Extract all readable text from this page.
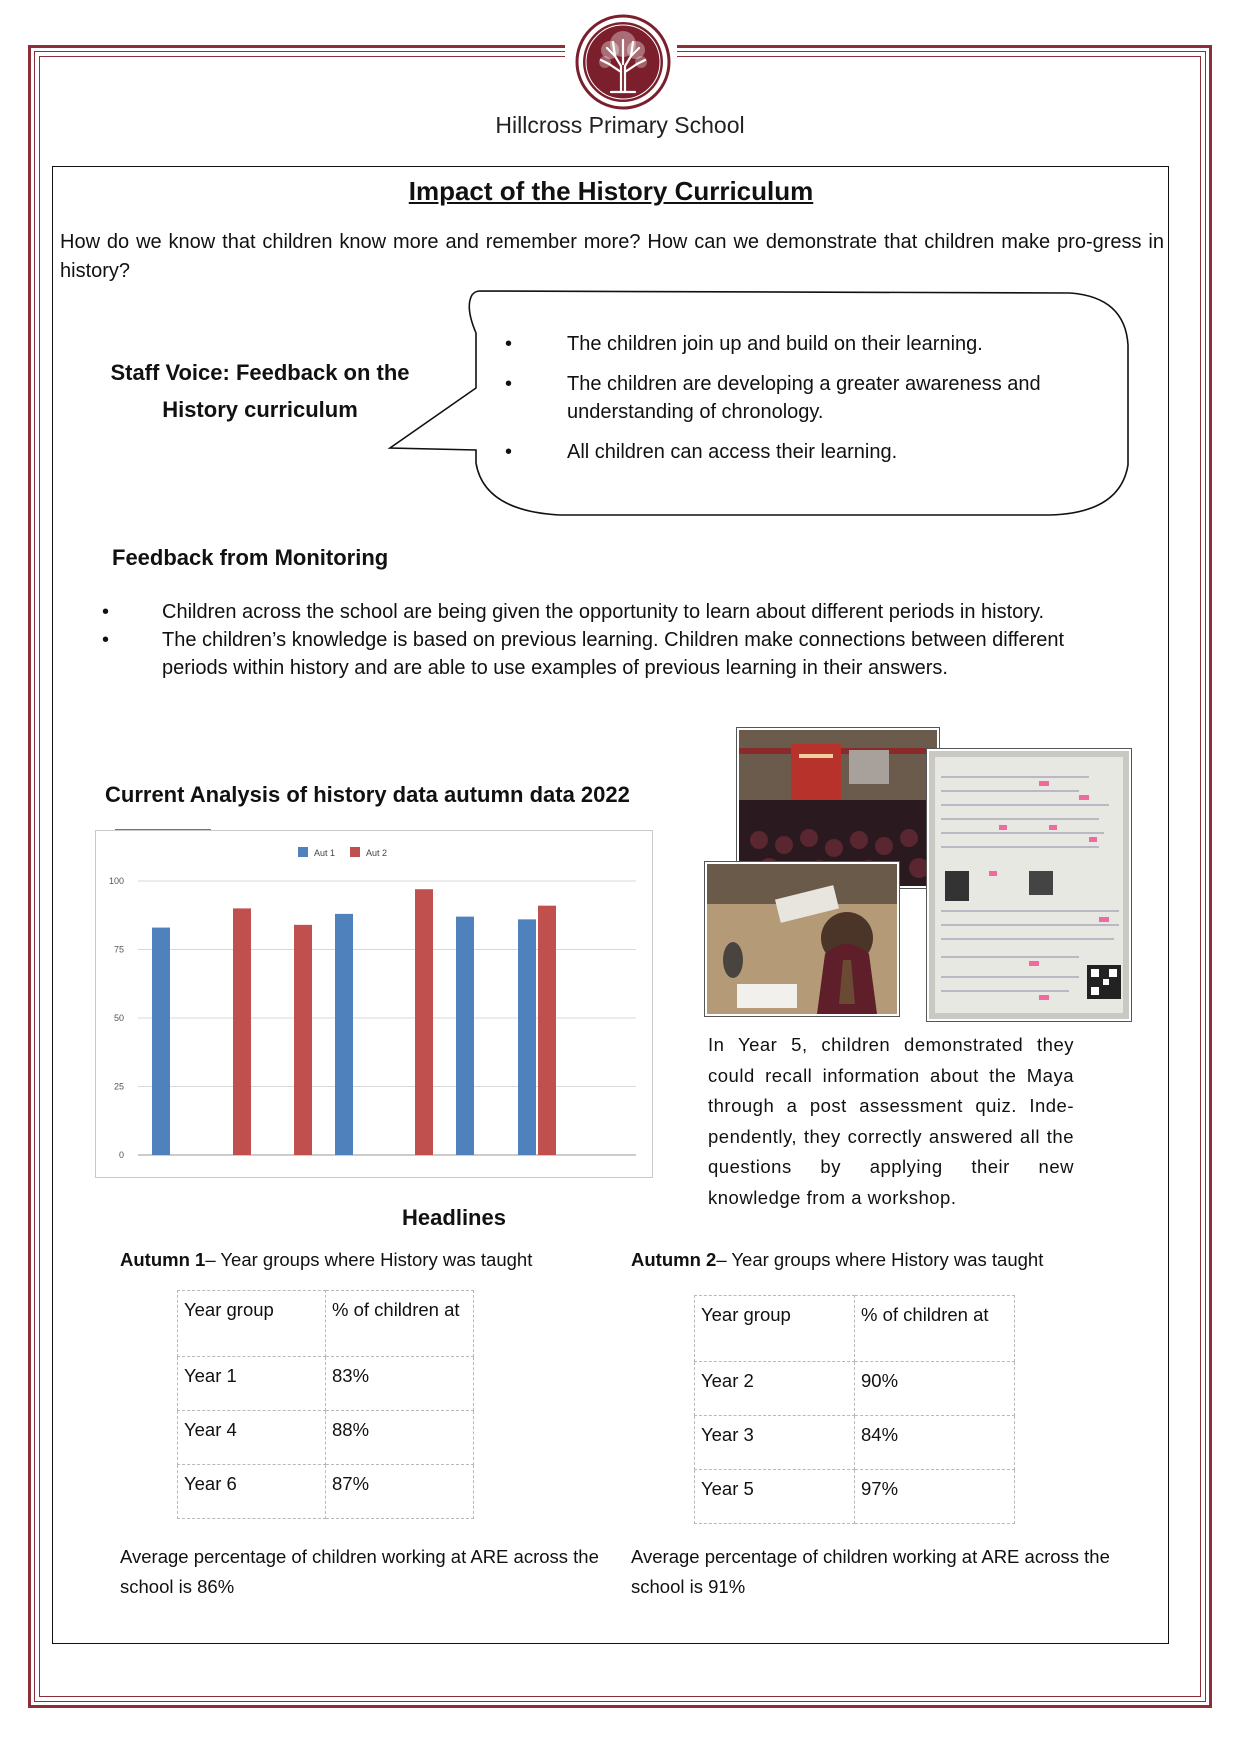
Hillcross Primary School
Impact of the History Curriculum
How do we know that children know more and remember more? How can we demonstrate that children make pro-gress in history?
Staff Voice: Feedback on the History curriculum
• The children join up and build on their learning.
• The children are developing a greater awareness and understanding of chronology.
• All children can access their learning.
Feedback from Monitoring
• Children across the school are being given the opportunity to learn about different periods in history.
• The children’s knowledge is based on previous learning. Children make connections between different periods within history and are able to use examples of previous learning in their answers.
Current Analysis of history data autumn data 2022
0
25
50
75
100
Aut 1	Aut 2
In Year 5, children demonstrated they could recall information about the Maya through a post assessment quiz. Inde-pendently, they correctly answered all the questions by applying their new knowledge from a workshop.
Headlines
Autumn 1– Year groups where History was taught
Year group	% of children at
Year 1	83%
Year 4	88%
Year 6	87%
Average percentage of children working at ARE across the school is 86%
Autumn 2– Year groups where History was taught
Year group	% of children at
Year 2	90%
Year 3	84%
Year 5	97%
Average percentage of children working at ARE across the school is 91%
